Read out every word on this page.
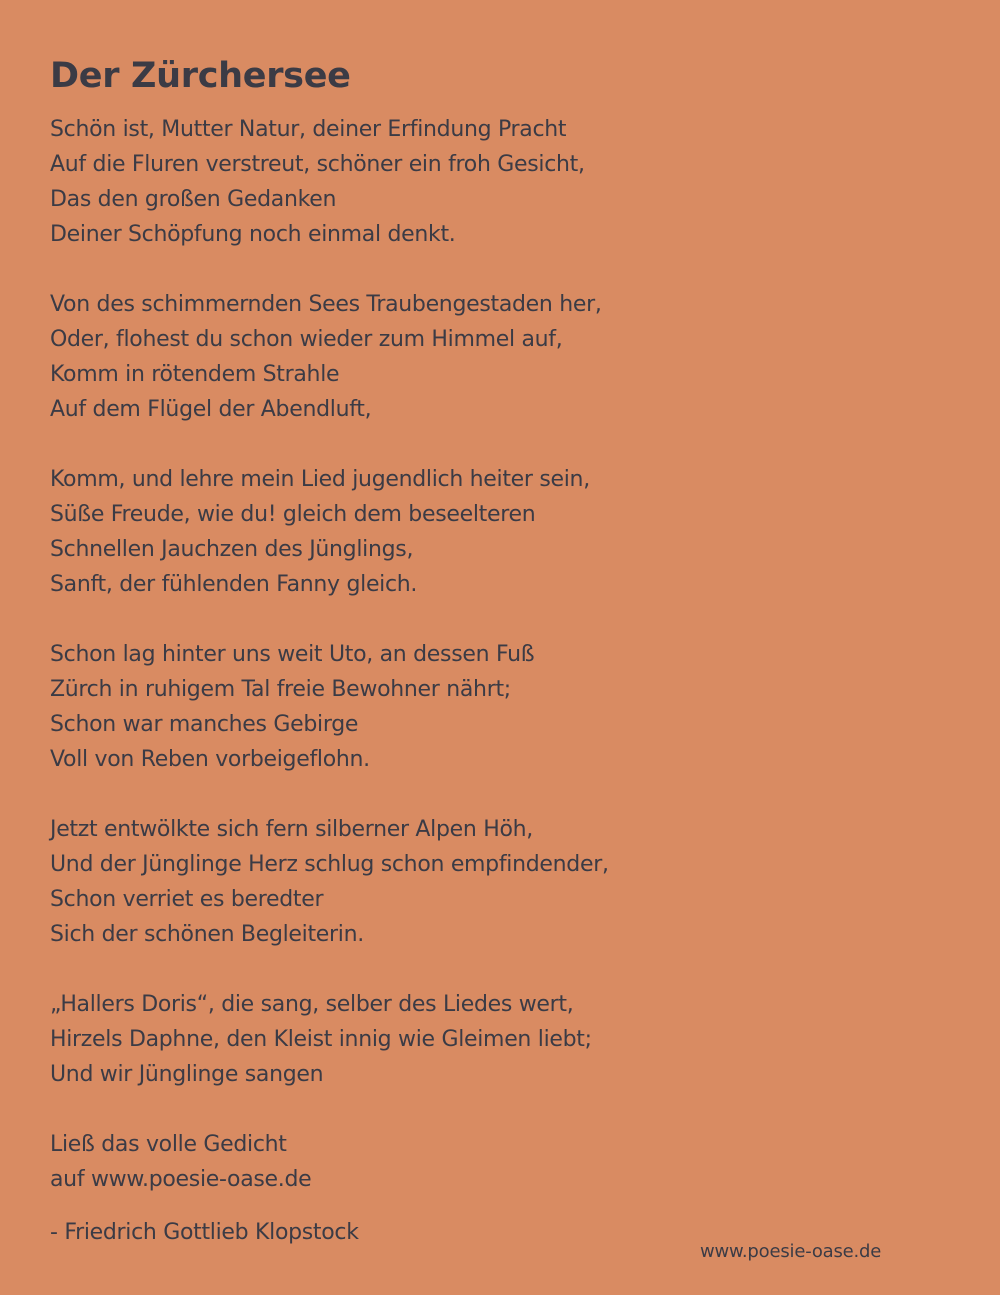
Der Zürchersee
Schön ist, Mutter Natur, deiner Erfindung Pracht
Auf die Fluren verstreut, schöner ein froh Gesicht,
Das den großen Gedanken
Deiner Schöpfung noch einmal denkt.
Von des schimmernden Sees Traubengestaden her,
Oder, flohest du schon wieder zum Himmel auf,
Komm in rötendem Strahle
Auf dem Flügel der Abendluft,
Komm, und lehre mein Lied jugendlich heiter sein,
Süße Freude, wie du! gleich dem beseelteren
Schnellen Jauchzen des Jünglings,
Sanft, der fühlenden Fanny gleich.
Schon lag hinter uns weit Uto, an dessen Fuß
Zürch in ruhigem Tal freie Bewohner nährt;
Schon war manches Gebirge
Voll von Reben vorbeigeflohn.
Jetzt entwölkte sich fern silberner Alpen Höh,
Und der Jünglinge Herz schlug schon empfindender,
Schon verriet es beredter
Sich der schönen Begleiterin.
„Hallers Doris“, die sang, selber des Liedes wert,
Hirzels Daphne, den Kleist innig wie Gleimen liebt;
Und wir Jünglinge sangen
Ließ das volle Gedicht
auf www.poesie-oase.de
- Friedrich Gottlieb Klopstock
www.poesie-oase.de
